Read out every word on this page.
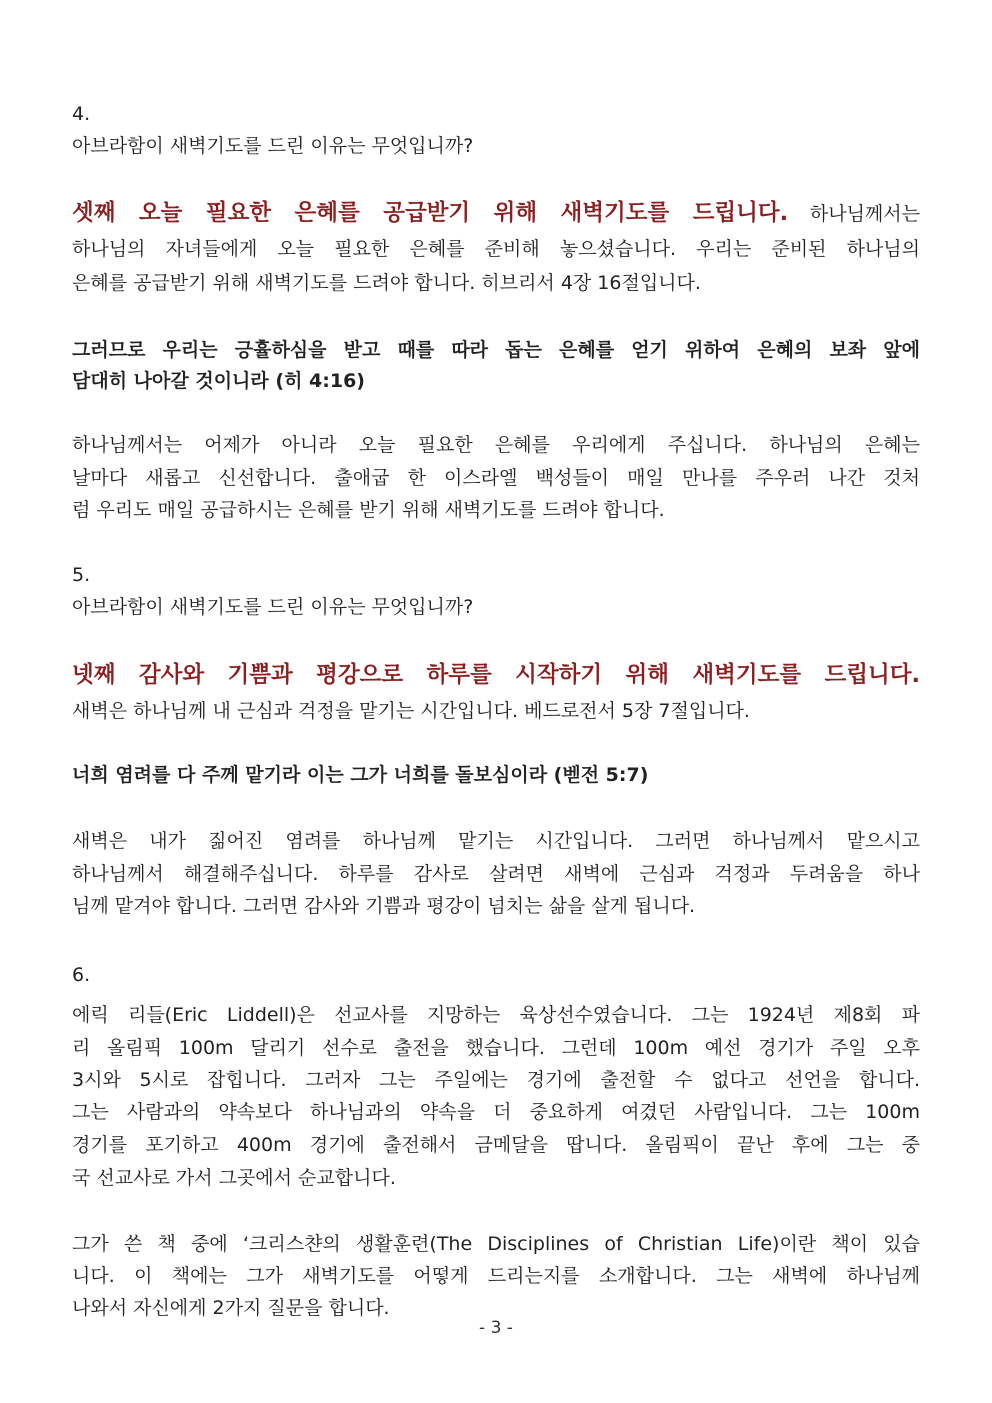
4.
아브라함이 새벽기도를 드린 이유는 무엇입니까?
셋째 오늘 필요한 은혜를 공급받기 위해 새벽기도를 드립니다. 하나님께서는
하나님의 자녀들에게 오늘 필요한 은혜를 준비해 놓으셨습니다. 우리는 준비된 하나님의
은혜를 공급받기 위해 새벽기도를 드려야 합니다. 히브리서 4장 16절입니다.
그러므로 우리는 긍휼하심을 받고 때를 따라 돕는 은혜를 얻기 위하여 은혜의 보좌 앞에
담대히 나아갈 것이니라 (히 4:16)
하나님께서는 어제가 아니라 오늘 필요한 은혜를 우리에게 주십니다. 하나님의 은혜는
날마다 새롭고 신선합니다. 출애굽 한 이스라엘 백성들이 매일 만나를 주우러 나간 것처
럼 우리도 매일 공급하시는 은혜를 받기 위해 새벽기도를 드려야 합니다.
5.
아브라함이 새벽기도를 드린 이유는 무엇입니까?
넷째 감사와 기쁨과 평강으로 하루를 시작하기 위해 새벽기도를 드립니다.
새벽은 하나님께 내 근심과 걱정을 맡기는 시간입니다. 베드로전서 5장 7절입니다.
너희 염려를 다 주께 맡기라 이는 그가 너희를 돌보심이라 (벧전 5:7)
새벽은 내가 짊어진 염려를 하나님께 맡기는 시간입니다. 그러면 하나님께서 맡으시고
하나님께서 해결해주십니다. 하루를 감사로 살려면 새벽에 근심과 걱정과 두려움을 하나
님께 맡겨야 합니다. 그러면 감사와 기쁨과 평강이 넘치는 삶을 살게 됩니다.
6.
에릭 리들(Eric Liddell)은 선교사를 지망하는 육상선수였습니다. 그는 1924년 제8회 파
리 올림픽 100m 달리기 선수로 출전을 했습니다. 그런데 100m 예선 경기가 주일 오후
3시와 5시로 잡힙니다. 그러자 그는 주일에는 경기에 출전할 수 없다고 선언을 합니다.
그는 사람과의 약속보다 하나님과의 약속을 더 중요하게 여겼던 사람입니다. 그는 100m
경기를 포기하고 400m 경기에 출전해서 금메달을 땁니다. 올림픽이 끝난 후에 그는 중
국 선교사로 가서 그곳에서 순교합니다.
그가 쓴 책 중에 ‘크리스챤의 생활훈련(The Disciplines of Christian Life)이란 책이 있습
니다. 이 책에는 그가 새벽기도를 어떻게 드리는지를 소개합니다. 그는 새벽에 하나님께
나와서 자신에게 2가지 질문을 합니다.
- 3 -
